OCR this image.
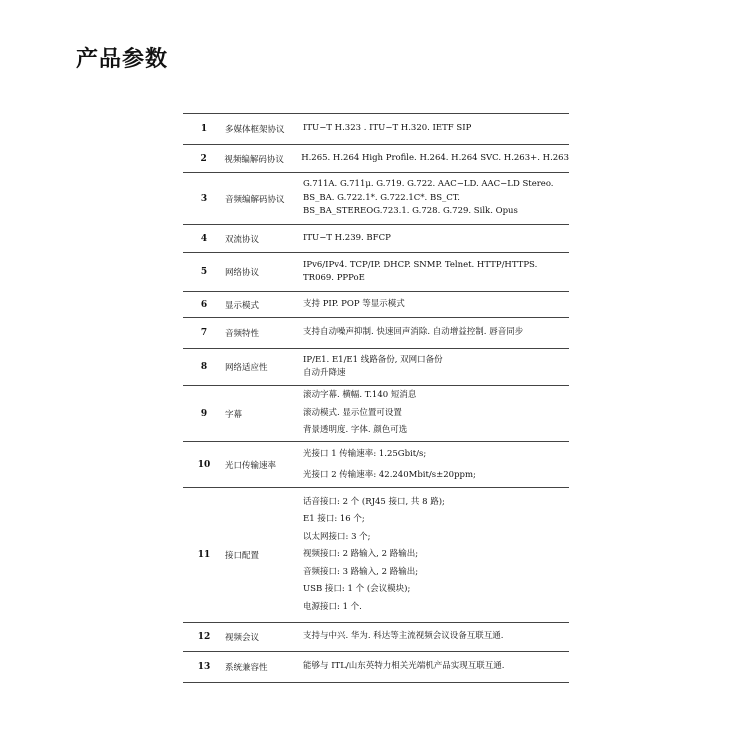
产品参数
1	多媒体框架协议	ITU−T H.323 . ITU−T H.320. IETF SIP
2	视频编解码协议	H.265. H.264 High Profile. H.264. H.264 SVC. H.263+. H.263
3	音频编解码协议
G.711A. G.711μ. G.719. G.722. AAC−LD. AAC−LD Stereo.
BS_BA. G.722.1*. G.722.1C*. BS_CT.
BS_BA_STEREOG.723.1. G.728. G.729. Silk. Opus
4	双流协议	ITU−T H.239. BFCP
5	网络协议
IPv6/IPv4. TCP/IP. DHCP. SNMP. Telnet. HTTP/HTTPS.
TR069. PPPoE
6	显示模式	支持 PIP. POP 等显示模式
7	音频特性	支持自动噪声抑制. 快速回声消除. 自动增益控制. 唇音同步
8	网络适应性
IP/E1. E1/E1 线路备份, 双网口备份
自动升降速
9	字幕
滚动字幕. 横幅. T.140 短消息
滚动模式. 显示位置可设置
背景透明度. 字体. 颜色可选
10	光口传输速率
光接口 1 传输速率: 1.25Gbit/s;
光接口 2 传输速率: 42.240Mbit/s±20ppm;
11	接口配置
话音接口: 2 个 (RJ45 接口, 共 8 路);
E1 接口: 16 个;
以太网接口: 3 个;
视频接口: 2 路输入, 2 路输出;
音频接口: 3 路输入, 2 路输出;
USB 接口: 1 个 (会议模块);
电源接口: 1 个.
12	视频会议	支持与中兴. 华为. 科达等主流视频会议设备互联互通.
13	系统兼容性	能够与 ITL/山东英特力相关光端机产品实现互联互通.
